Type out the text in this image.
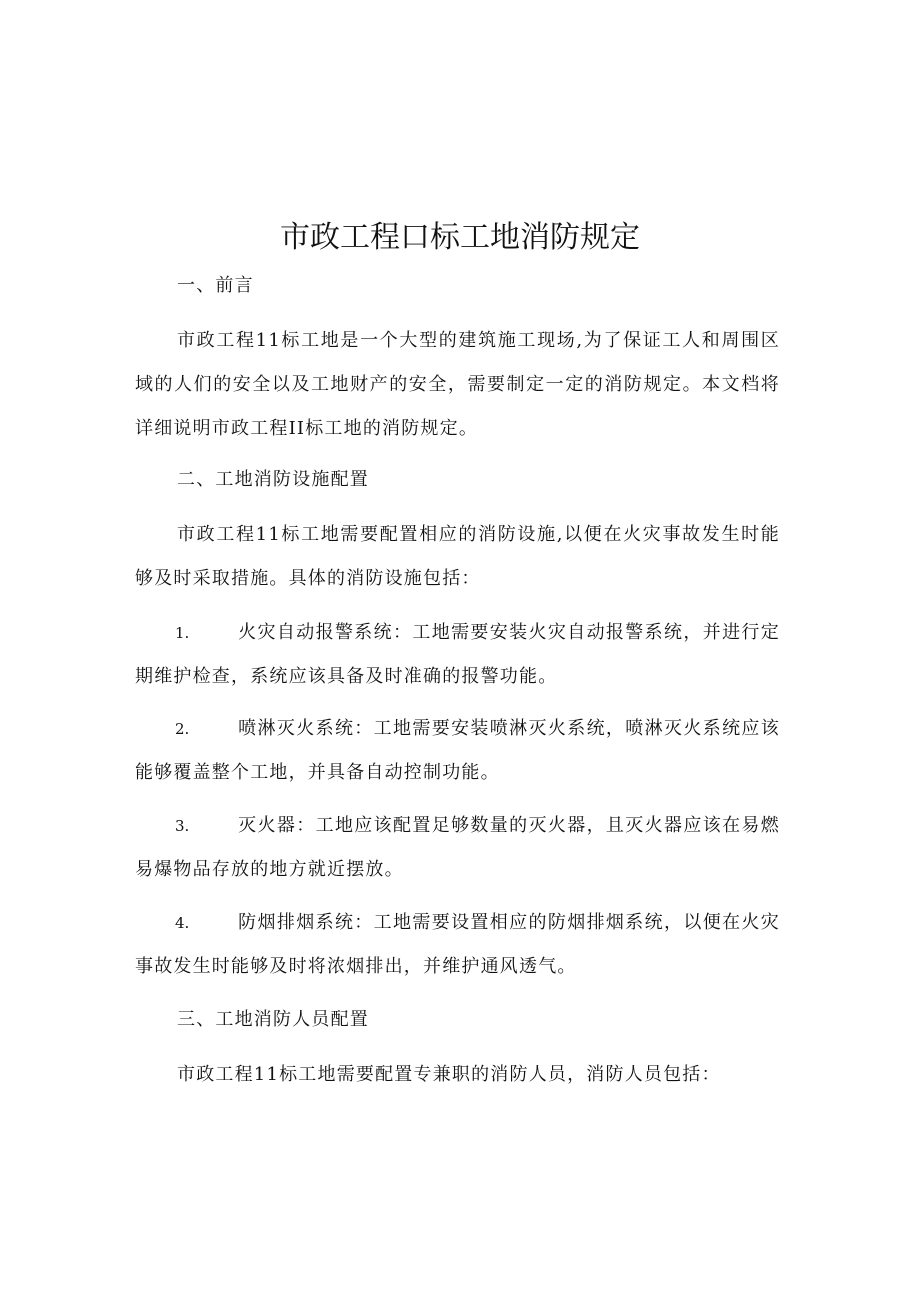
市政工程口标工地消防规定
一、前言
市政工程11标工地是一个大型的建筑施工现场,为了保证工人和周围区域的人们的安全以及工地财产的安全，需要制定一定的消防规定。本文档将详细说明市政工程II标工地的消防规定。
二、工地消防设施配置
市政工程11标工地需要配置相应的消防设施,以便在火灾事故发生时能够及时采取措施。具体的消防设施包括：
1.	火灾自动报警系统：工地需要安装火灾自动报警系统，并进行定期维护检查，系统应该具备及时准确的报警功能。
2.	喷淋灭火系统：工地需要安装喷淋灭火系统，喷淋灭火系统应该能够覆盖整个工地，并具备自动控制功能。
3.	灭火器：工地应该配置足够数量的灭火器，且灭火器应该在易燃易爆物品存放的地方就近摆放。
4.	防烟排烟系统：工地需要设置相应的防烟排烟系统，以便在火灾事故发生时能够及时将浓烟排出，并维护通风透气。
三、工地消防人员配置
市政工程11标工地需要配置专兼职的消防人员，消防人员包括：
